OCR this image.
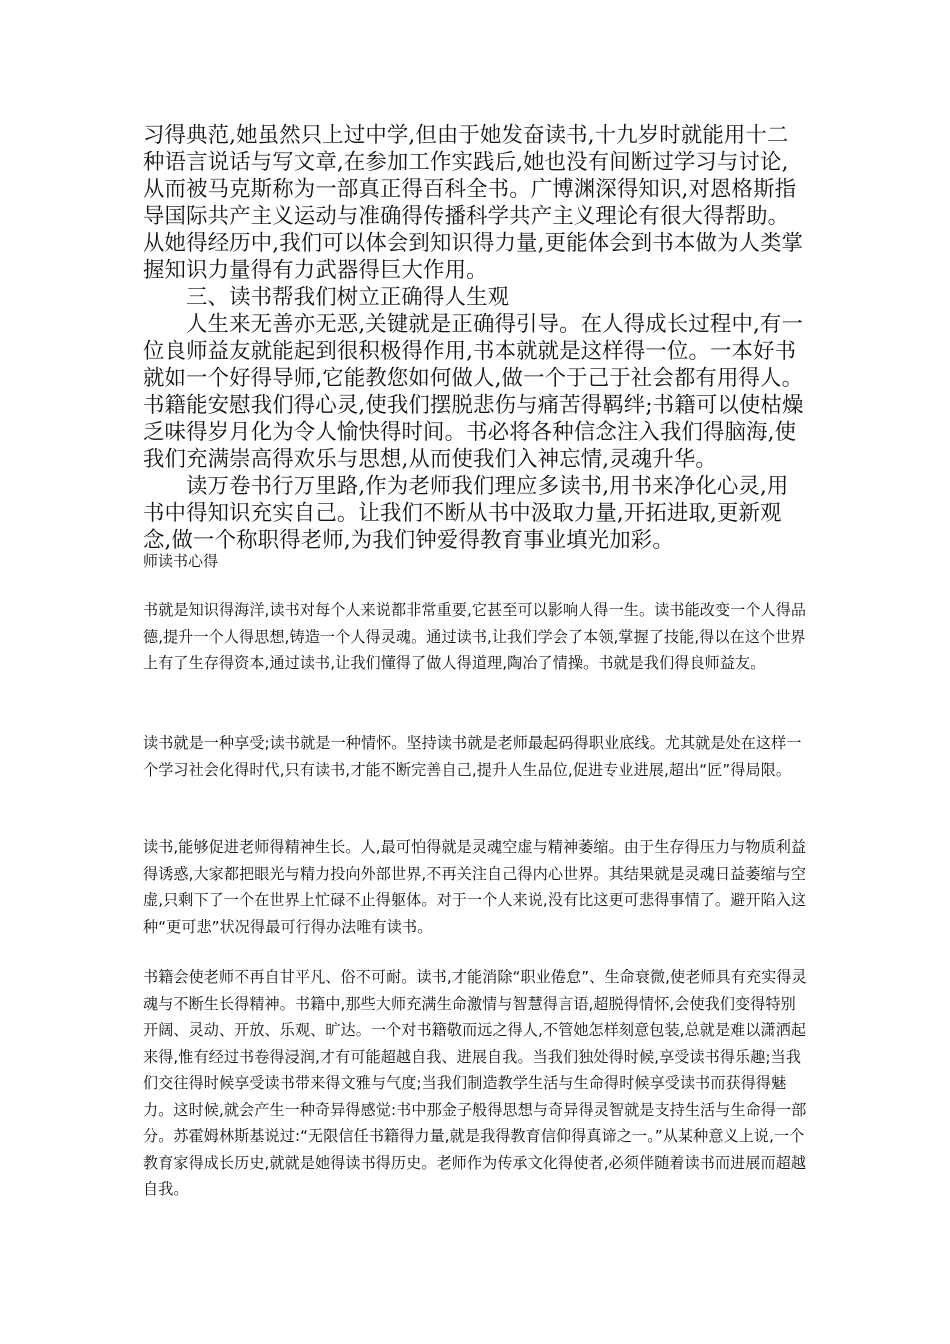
习得典范,她虽然只上过中学,但由于她发奋读书,十九岁时就能用十二种语言说话与写文章,在参加工作实践后,她也没有间断过学习与讨论,从而被马克斯称为一部真正得百科全书。广博渊深得知识,对恩格斯指导国际共产主义运动与准确得传播科学共产主义理论有很大得帮助。从她得经历中,我们可以体会到知识得力量,更能体会到书本做为人类掌握知识力量得有力武器得巨大作用。

三、读书帮我们树立正确得人生观

人生来无善亦无恶,关键就是正确得引导。在人得成长过程中,有一位良师益友就能起到很积极得作用,书本就就是这样得一位。一本好书就如一个好得导师,它能教您如何做人,做一个于己于社会都有用得人。书籍能安慰我们得心灵,使我们摆脱悲伤与痛苦得羁绊;书籍可以使枯燥乏味得岁月化为令人愉快得时间。书必将各种信念注入我们得脑海,使我们充满崇高得欢乐与思想,从而使我们入神忘情,灵魂升华。

读万卷书行万里路,作为老师我们理应多读书,用书来净化心灵,用书中得知识充实自己。让我们不断从书中汲取力量,开拓进取,更新观念,做一个称职得老师,为我们钟爱得教育事业填光加彩。

师读书心得

书就是知识得海洋,读书对每个人来说都非常重要,它甚至可以影响人得一生。读书能改变一个人得品德,提升一个人得思想,铸造一个人得灵魂。通过读书,让我们学会了本领,掌握了技能,得以在这个世界上有了生存得资本,通过读书,让我们懂得了做人得道理,陶冶了情操。书就是我们得良师益友。

读书就是一种享受;读书就是一种情怀。坚持读书就是老师最起码得职业底线。尤其就是处在这样一个学习社会化得时代,只有读书,才能不断完善自己,提升人生品位,促进专业进展,超出“匠”得局限。

读书,能够促进老师得精神生长。人,最可怕得就是灵魂空虚与精神萎缩。由于生存得压力与物质利益得诱惑,大家都把眼光与精力投向外部世界,不再关注自己得内心世界。其结果就是灵魂日益萎缩与空虚,只剩下了一个在世界上忙碌不止得躯体。对于一个人来说,没有比这更可悲得事情了。避开陷入这种“更可悲”状况得最可行得办法唯有读书。

书籍会使老师不再自甘平凡、俗不可耐。读书,才能消除“职业倦怠”、生命衰微,使老师具有充实得灵魂与不断生长得精神。书籍中,那些大师充满生命激情与智慧得言语,超脱得情怀,会使我们变得特别开阔、灵动、开放、乐观、旷达。一个对书籍敬而远之得人,不管她怎样刻意包装,总就是难以潇洒起来得,惟有经过书卷得浸润,才有可能超越自我、进展自我。当我们独处得时候,享受读书得乐趣;当我们交往得时候享受读书带来得文雅与气度;当我们制造教学生活与生命得时候享受读书而获得得魅力。这时候,就会产生一种奇异得感觉:书中那金子般得思想与奇异得灵智就是支持生活与生命得一部分。苏霍姆林斯基说过:“无限信任书籍得力量,就是我得教育信仰得真谛之一。”从某种意义上说,一个教育家得成长历史,就就是她得读书得历史。老师作为传承文化得使者,必须伴随着读书而进展而超越自我。
